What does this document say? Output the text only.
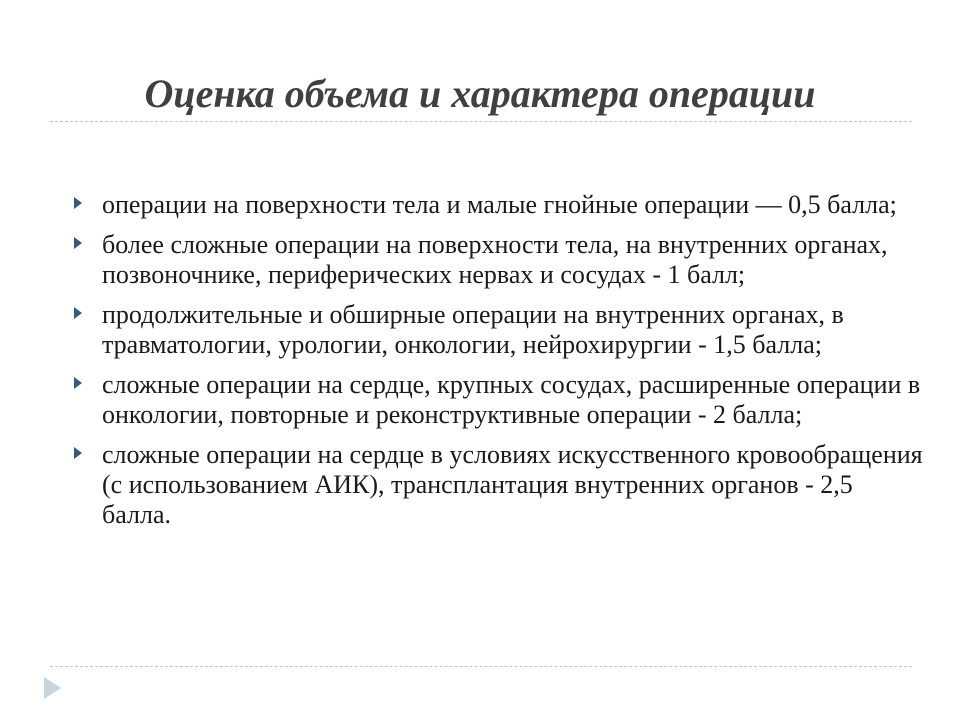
Оценка объема и характера операции
операции на поверхности тела и малые гнойные операции — 0,5 балла;
более сложные операции на поверхности тела, на внутренних органах, позвоночнике, периферических нервах и сосудах - 1 балл;
продолжительные и обширные операции на внутренних органах, в травматологии, урологии, онкологии, нейрохирургии - 1,5 балла;
сложные операции на сердце, крупных сосудах, расширенные операции в онкологии, повторные и реконструктивные операции - 2 балла;
сложные операции на сердце в условиях искусственного кровообращения (с использованием АИК), трансплантация внутренних органов - 2,5 балла.
